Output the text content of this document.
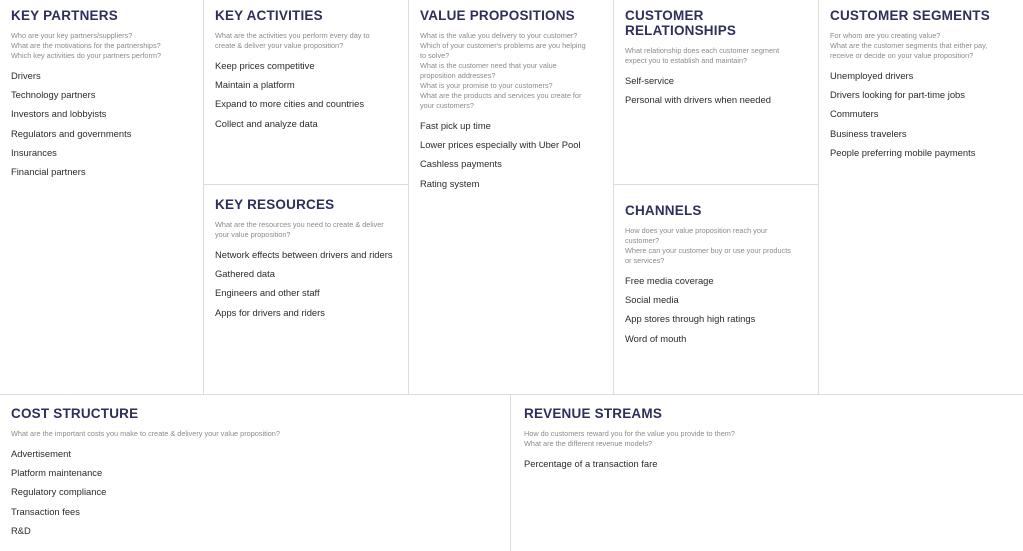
KEY PARTNERS
Who are your key partners/suppliers?
What are the motivations for the partnerships?
Which key activities do your partners perform?
Drivers
Technology partners
Investors and lobbyists
Regulators and governments
Insurances
Financial partners
KEY ACTIVITIES
What are the activities you perform every day to
create & deliver your value proposition?
Keep prices competitive
Maintain a platform
Expand to more cities and countries
Collect and analyze data
KEY RESOURCES
What are the resources you need to create & deliver
your value proposition?
Network effects between drivers and riders
Gathered data
Engineers and other staff
Apps for drivers and riders
VALUE PROPOSITIONS
What is the value you delivery to your customer?
Which of your customer's problems are you helping
to solve?
What is the customer need that your value
proposition addresses?
What is your promise to your customers?
What are the products and services you create for
your customers?
Fast pick up time
Lower prices especially with Uber Pool
Cashless payments
Rating system
CUSTOMER RELATIONSHIPS
What relationship does each customer segment
expect you to establish and maintain?
Self-service
Personal with drivers when needed
CHANNELS
How does your value proposition reach your
customer?
Where can your customer buy or use your products
or services?
Free media coverage
Social media
App stores through high ratings
Word of mouth
CUSTOMER SEGMENTS
For whom are you creating value?
What are the customer segments that either pay,
receive or decide on your value proposition?
Unemployed drivers
Drivers looking for part-time jobs
Commuters
Business travelers
People preferring mobile payments
COST STRUCTURE
What are the important costs you make to create & delivery your value proposition?
Advertisement
Platform maintenance
Regulatory compliance
Transaction fees
R&D
REVENUE STREAMS
How do customers reward you for the value you provide to them?
What are the different revenue models?
Percentage of a transaction fare
